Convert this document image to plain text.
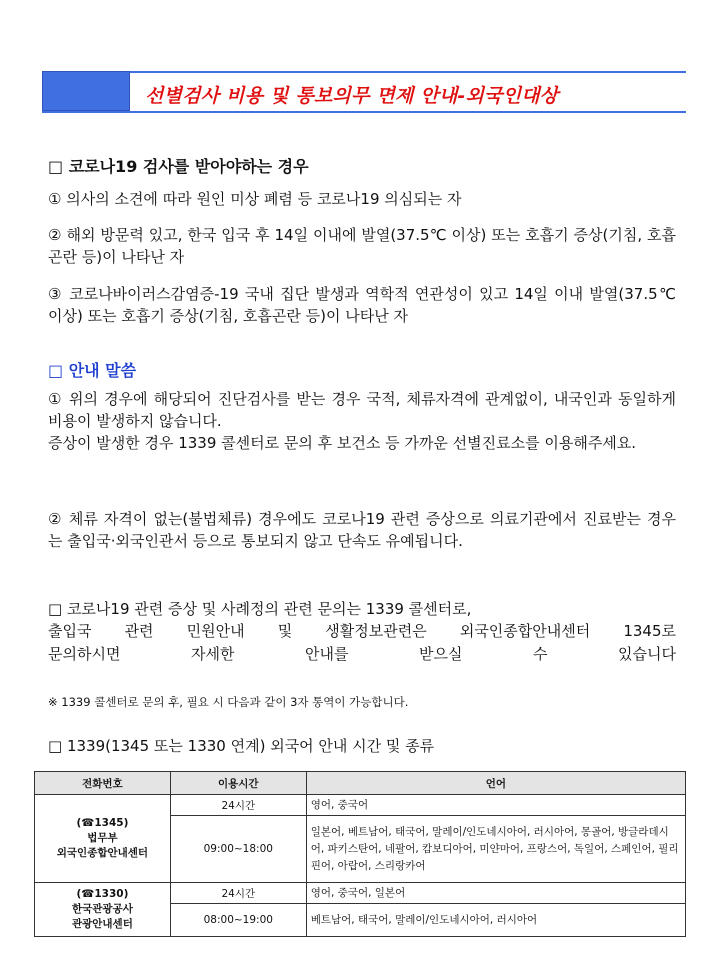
선별검사 비용 및 통보의무 면제 안내-외국인대상
□ 코로나19 검사를 받아야하는 경우
① 의사의 소견에 따라 원인 미상 폐렴 등 코로나19 의심되는 자
② 해외 방문력 있고, 한국 입국 후 14일 이내에 발열(37.5℃ 이상) 또는 호흡기 증상(기침, 호흡곤란 등)이 나타난 자
③ 코로나바이러스감염증-19 국내 집단 발생과 역학적 연관성이 있고 14일 이내 발열(37.5℃ 이상) 또는 호흡기 증상(기침, 호흡곤란 등)이 나타난 자
□ 안내 말씀
① 위의 경우에 해당되어 진단검사를 받는 경우 국적, 체류자격에 관계없이, 내국인과 동일하게 비용이 발생하지 않습니다.
증상이 발생한 경우 1339 콜센터로 문의 후 보건소 등 가까운 선별진료소를 이용해주세요.
② 체류 자격이 없는(불법체류) 경우에도 코로나19 관련 증상으로 의료기관에서 진료받는 경우는 출입국·외국인관서 등으로 통보되지 않고 단속도 유예됩니다.
□ 코로나19 관련 증상 및 사례정의 관련 문의는 1339 콜센터로,
출입국 관련 민원안내 및 생활정보관련은 외국인종합안내센터 1345로
문의하시면 자세한 안내를 받으실 수 있습니다
※ 1339 콜센터로 문의 후, 필요 시 다음과 같이 3자 통역이 가능합니다.
□ 1339(1345 또는 1330 연계) 외국어 안내 시간 및 종류
전화번호	이용시간	언어

(☎1345)
법무부
외국인종합안내센터	24시간	영어, 중국어
	09:00~18:00	일본어, 베트남어, 태국어, 말레이/인도네시아어, 러시아어, 몽골어, 방글라데시어, 파키스탄어, 네팔어, 캄보디아어, 미얀마어, 프랑스어, 독일어, 스페인어, 필리핀어, 아랍어, 스리랑카어

(☎1330)
한국관광공사
관광안내센터	24시간	영어, 중국어, 일본어
	08:00~19:00	베트남어, 태국어, 말레이/인도네시아어, 러시아어
